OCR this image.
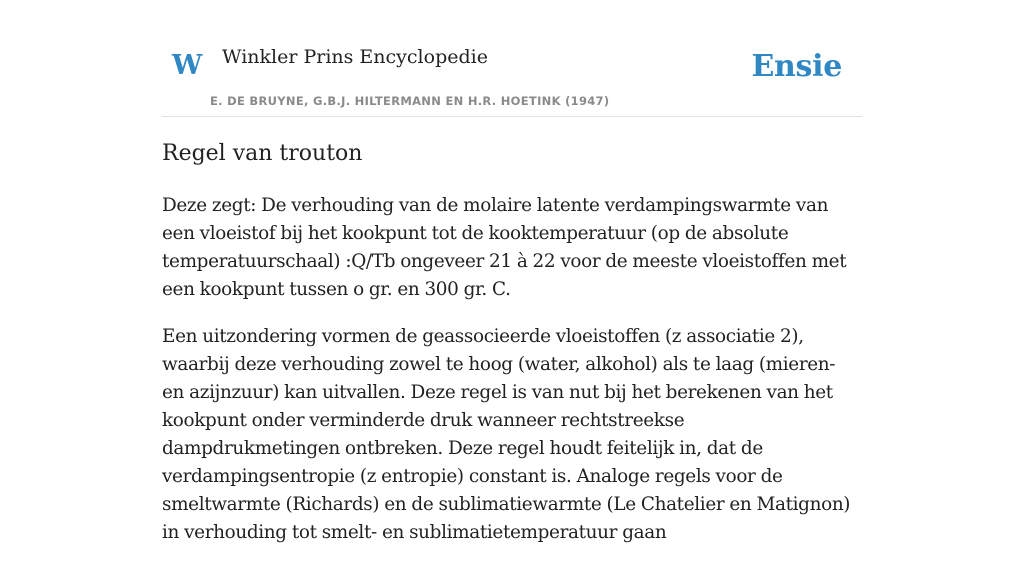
W Winkler Prins Encyclopedie
E. DE BRUYNE, G.B.J. HILTERMANN EN H.R. HOETINK (1947)
Ensie
Regel van trouton

Deze zegt: De verhouding van de molaire latente verdampingswarmte van een vloeistof bij het kookpunt tot de kooktemperatuur (op de absolute temperatuurschaal) :Q/Tb ongeveer 21 à 22 voor de meeste vloeistoffen met een kookpunt tussen o gr. en 300 gr. C.

Een uitzondering vormen de geassocieerde vloeistoffen (z associatie 2), waarbij deze verhouding zowel te hoog (water, alkohol) als te laag (mieren- en azijnzuur) kan uitvallen. Deze regel is van nut bij het berekenen van het kookpunt onder verminderde druk wanneer rechtstreekse dampdrukmetingen ontbreken. Deze regel houdt feitelijk in, dat de verdampingsentropie (z entropie) constant is. Analoge regels voor de smeltwarmte (Richards) en de sublimatiewarmte (Le Chatelier en Matignon) in verhouding tot smelt- en sublimatietemperatuur gaan
